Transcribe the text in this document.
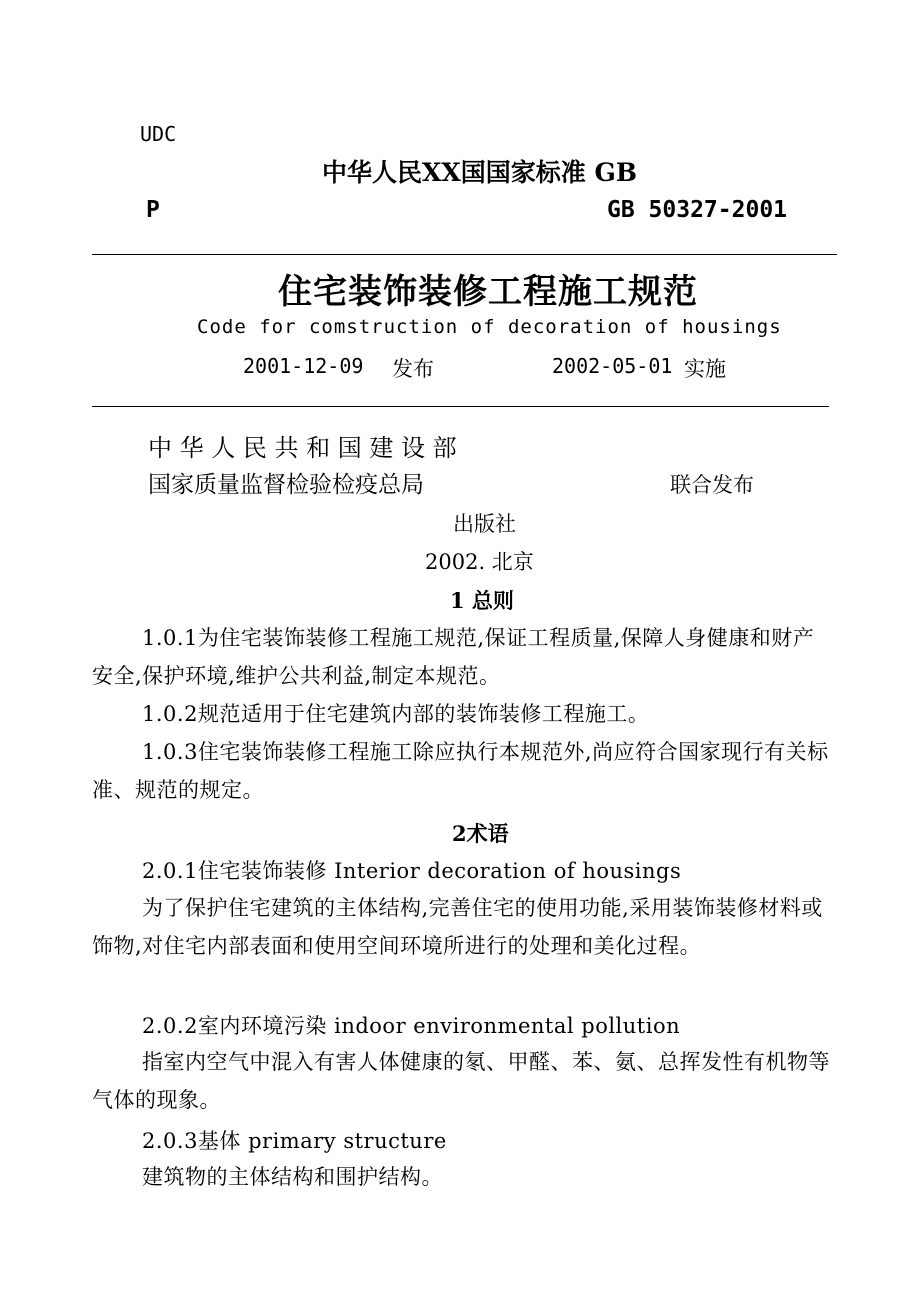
UDC
中华人民XX国国家标准 GB
P	GB 50327-2001
住宅装饰装修工程施工规范
Code for comstruction of decoration of housings
2001-12-09 发布	2002-05-01 实施
中 华 人 民 共 和 国 建 设 部
国家质量监督检验检疫总局	联合发布
出版社
2002. 北京
1 总则
1.0.1为住宅装饰装修工程施工规范,保证工程质量,保障人身健康和财产安全,保护环境,维护公共利益,制定本规范。
1.0.2规范适用于住宅建筑内部的装饰装修工程施工。
1.0.3住宅装饰装修工程施工除应执行本规范外,尚应符合国家现行有关标准、规范的规定。
2术语
2.0.1住宅装饰装修 Interior decoration of housings
为了保护住宅建筑的主体结构,完善住宅的使用功能,采用装饰装修材料或饰物,对住宅内部表面和使用空间环境所进行的处理和美化过程。
2.0.2室内环境污染 indoor environmental pollution
指室内空气中混入有害人体健康的氡、甲醛、苯、氨、总挥发性有机物等气体的现象。
2.0.3基体 primary structure
建筑物的主体结构和围护结构。
